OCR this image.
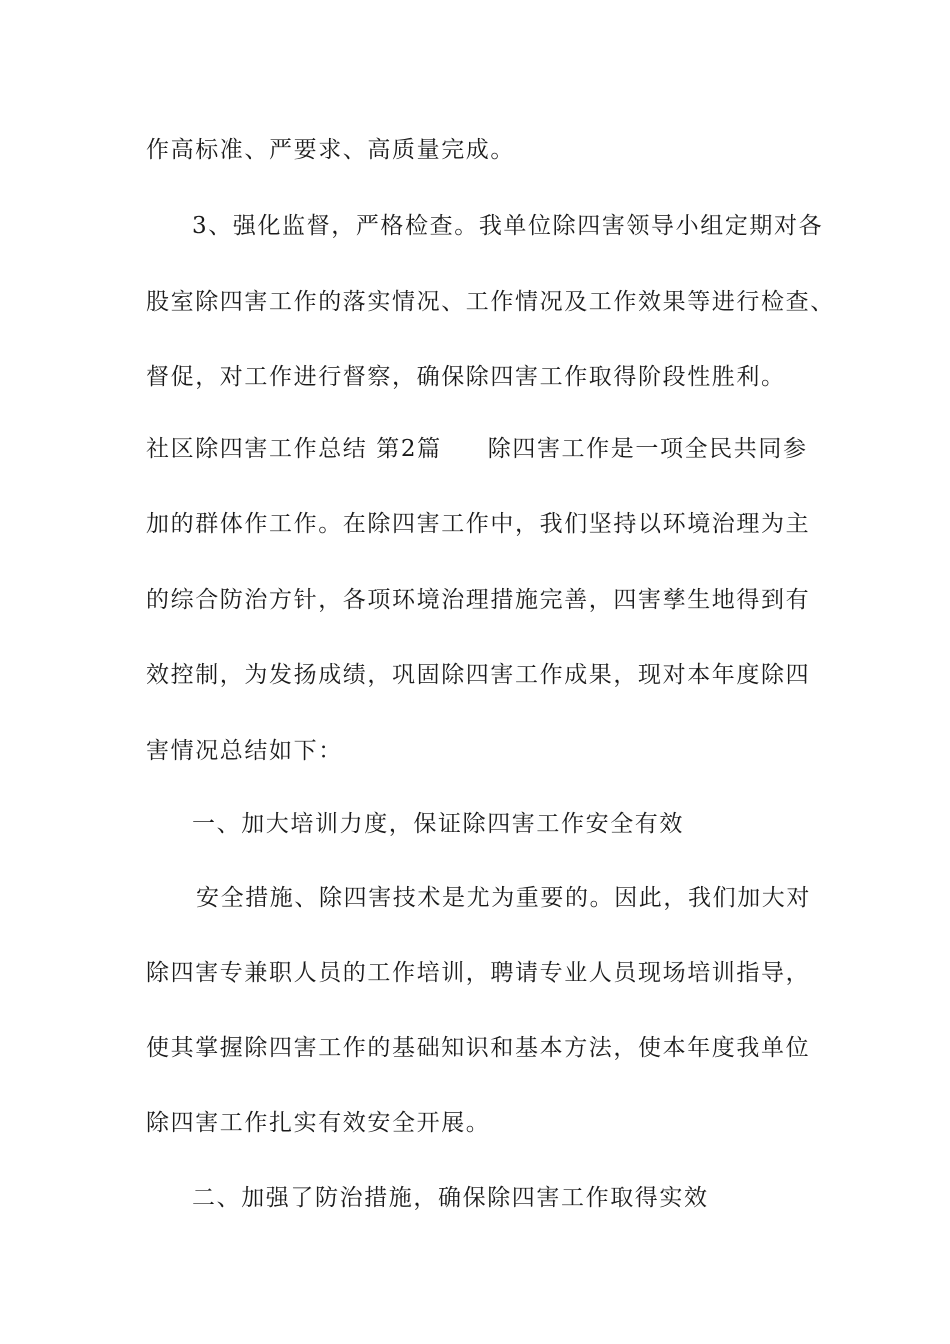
作高标准、严要求、高质量完成。
3、强化监督，严格检查。我单位除四害领导小组定期对各
股室除四害工作的落实情况、工作情况及工作效果等进行检查、
督促，对工作进行督察，确保除四害工作取得阶段性胜利。
社区除四害工作总结 第2篇 除四害工作是一项全民共同参
加的群体作工作。在除四害工作中，我们坚持以环境治理为主
的综合防治方针，各项环境治理措施完善，四害孳生地得到有
效控制，为发扬成绩，巩固除四害工作成果，现对本年度除四
害情况总结如下：
一、加大培训力度，保证除四害工作安全有效
安全措施、除四害技术是尤为重要的。因此，我们加大对
除四害专兼职人员的工作培训，聘请专业人员现场培训指导，
使其掌握除四害工作的基础知识和基本方法，使本年度我单位
除四害工作扎实有效安全开展。
二、加强了防治措施，确保除四害工作取得实效
